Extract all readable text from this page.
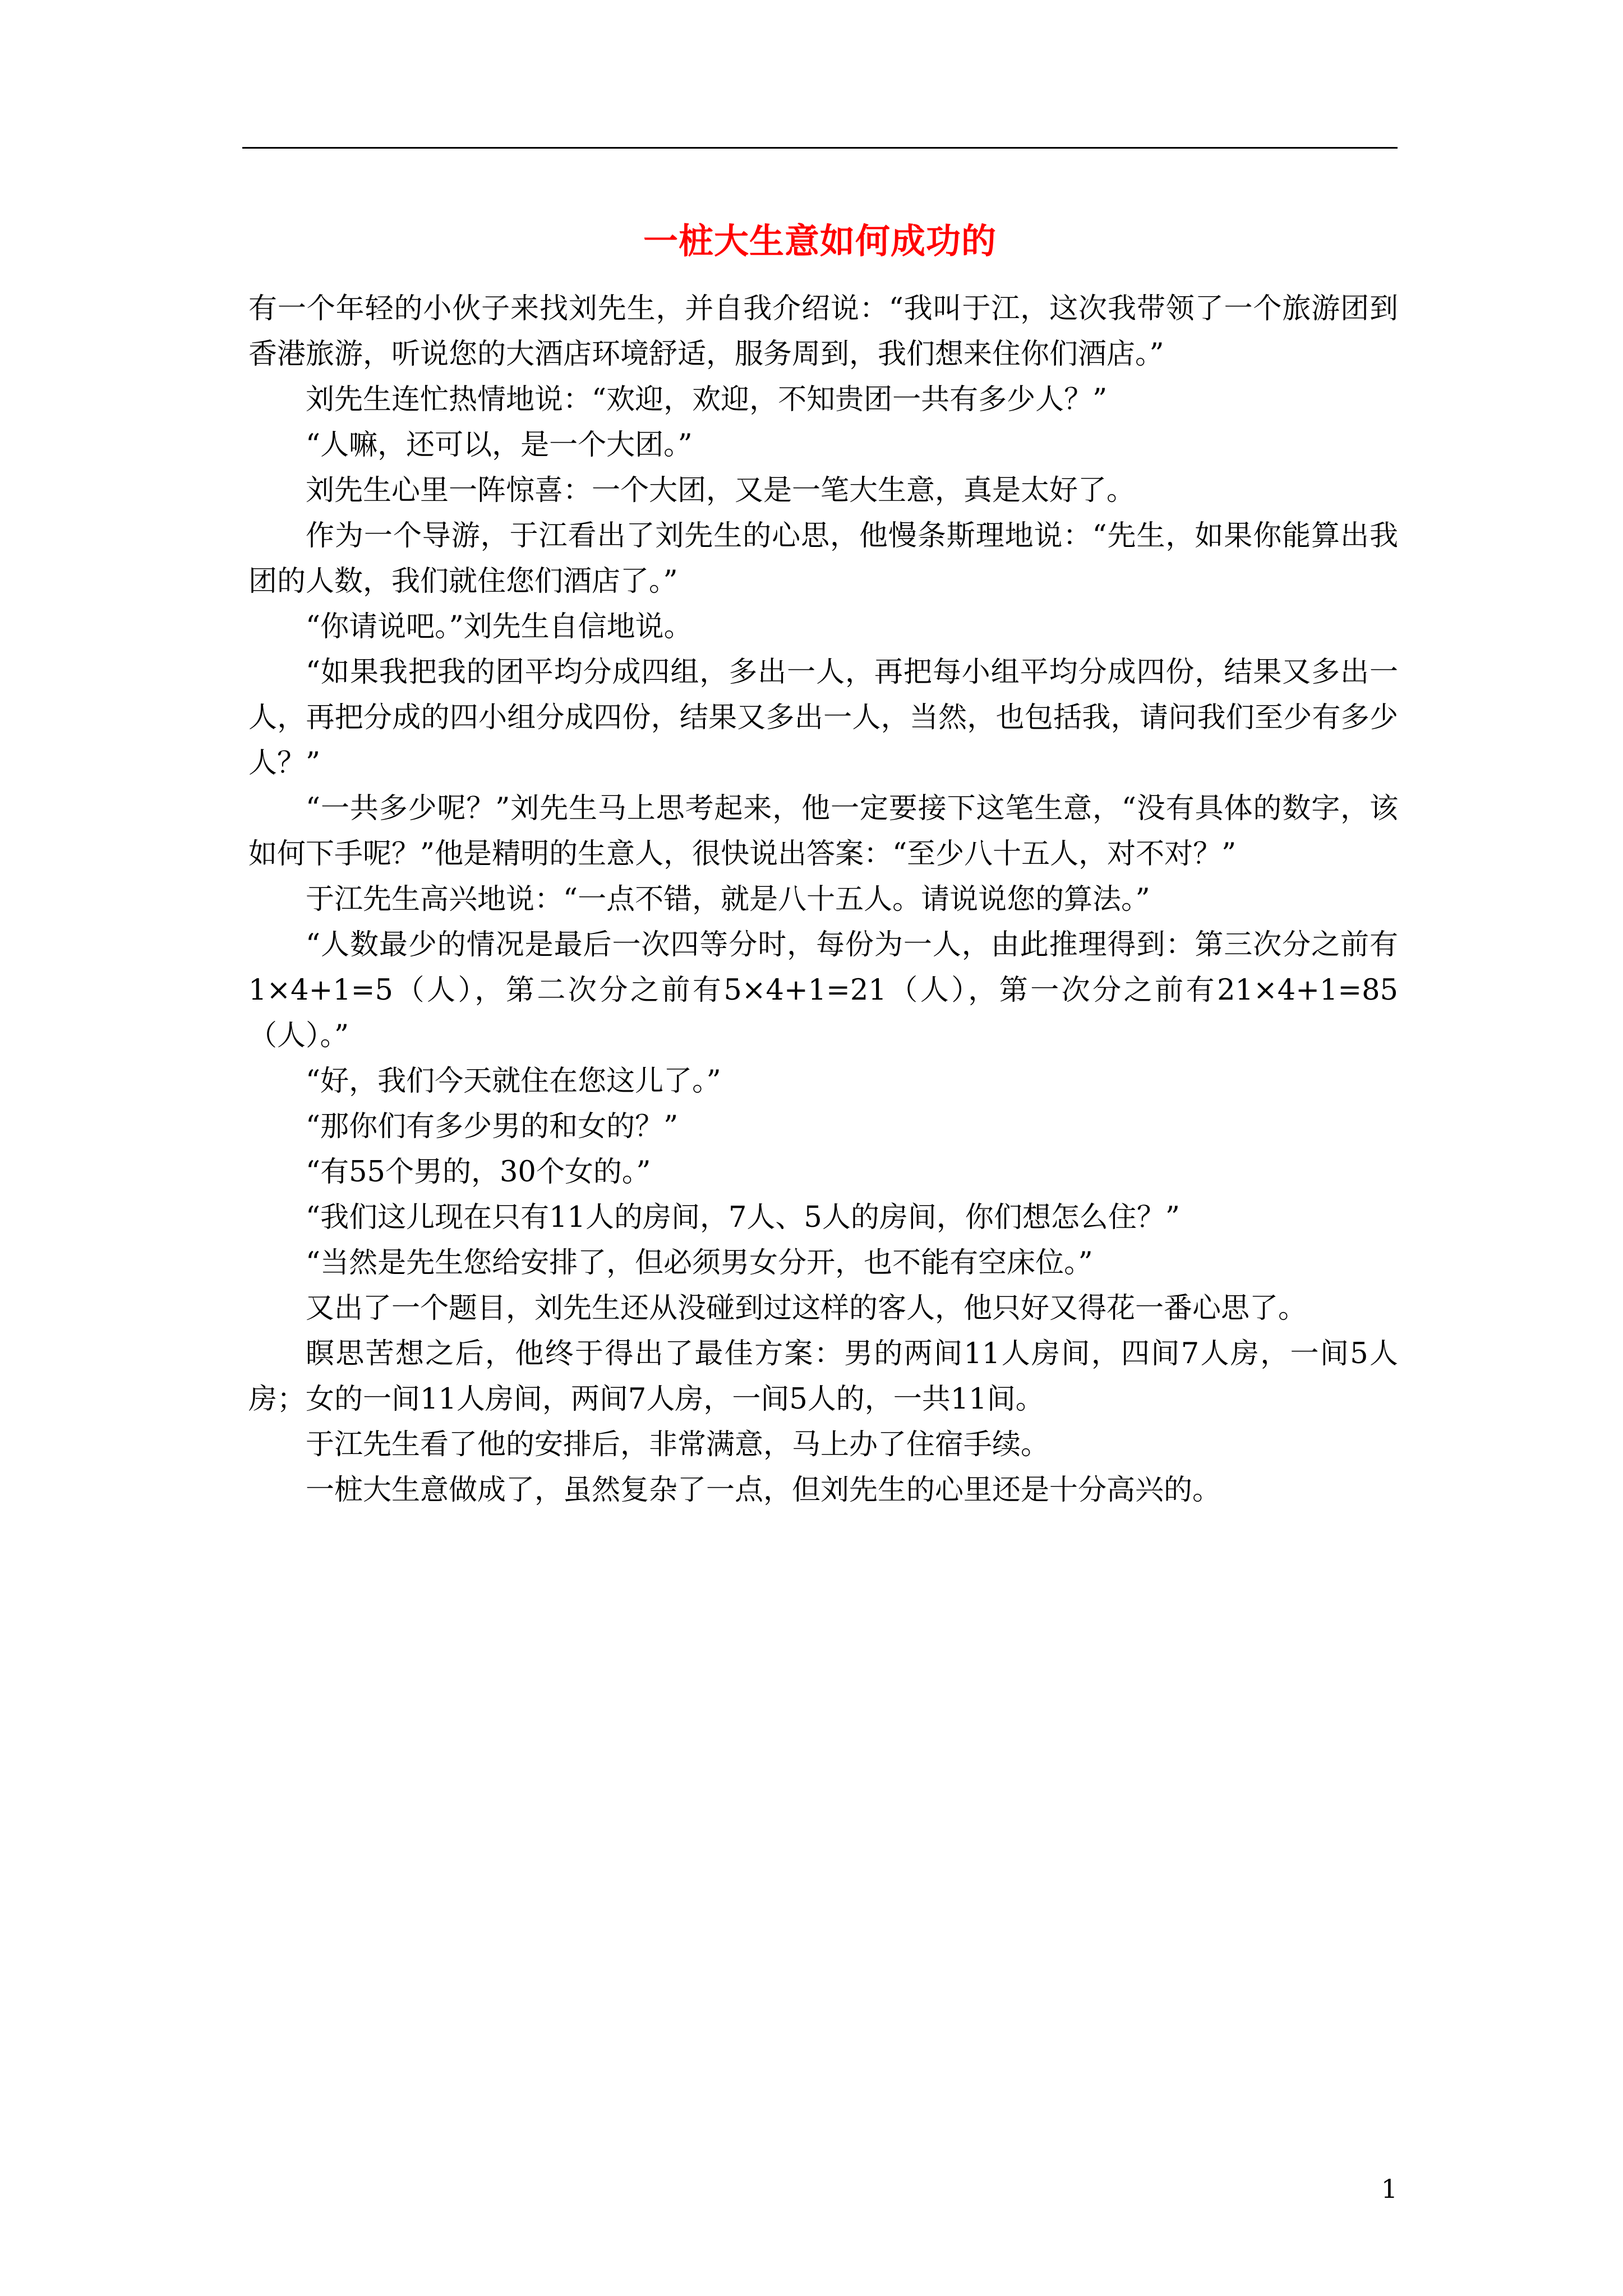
一桩大生意如何成功的

有一个年轻的小伙子来找刘先生，并自我介绍说：“我叫于江，这次我带领了一个旅游团到香港旅游，听说您的大酒店环境舒适，服务周到，我们想来住你们酒店。”

刘先生连忙热情地说：“欢迎，欢迎，不知贵团一共有多少人？”

“人嘛，还可以，是一个大团。”

刘先生心里一阵惊喜：一个大团，又是一笔大生意，真是太好了。

作为一个导游，于江看出了刘先生的心思，他慢条斯理地说：“先生，如果你能算出我团的人数，我们就住您们酒店了。”

“你请说吧。”刘先生自信地说。

“如果我把我的团平均分成四组，多出一人，再把每小组平均分成四份，结果又多出一人，再把分成的四小组分成四份，结果又多出一人，当然，也包括我，请问我们至少有多少人？”

“一共多少呢？”刘先生马上思考起来，他一定要接下这笔生意，“没有具体的数字，该如何下手呢？”他是精明的生意人，很快说出答案：“至少八十五人，对不对？”

于江先生高兴地说：“一点不错，就是八十五人。请说说您的算法。”

“人数最少的情况是最后一次四等分时，每份为一人，由此推理得到：第三次分之前有1×4+1=5（人），第二次分之前有5×4+1=21（人），第一次分之前有21×4+1=85（人）。”

“好，我们今天就住在您这儿了。”

“那你们有多少男的和女的？”

“有55个男的，30个女的。”

“我们这儿现在只有11人的房间，7人、5人的房间，你们想怎么住？”

“当然是先生您给安排了，但必须男女分开，也不能有空床位。”

又出了一个题目，刘先生还从没碰到过这样的客人，他只好又得花一番心思了。

瞑思苦想之后，他终于得出了最佳方案：男的两间11人房间，四间7人房，一间5人房；女的一间11人房间，两间7人房，一间5人的，一共11间。

于江先生看了他的安排后，非常满意，马上办了住宿手续。

一桩大生意做成了，虽然复杂了一点，但刘先生的心里还是十分高兴的。

1
